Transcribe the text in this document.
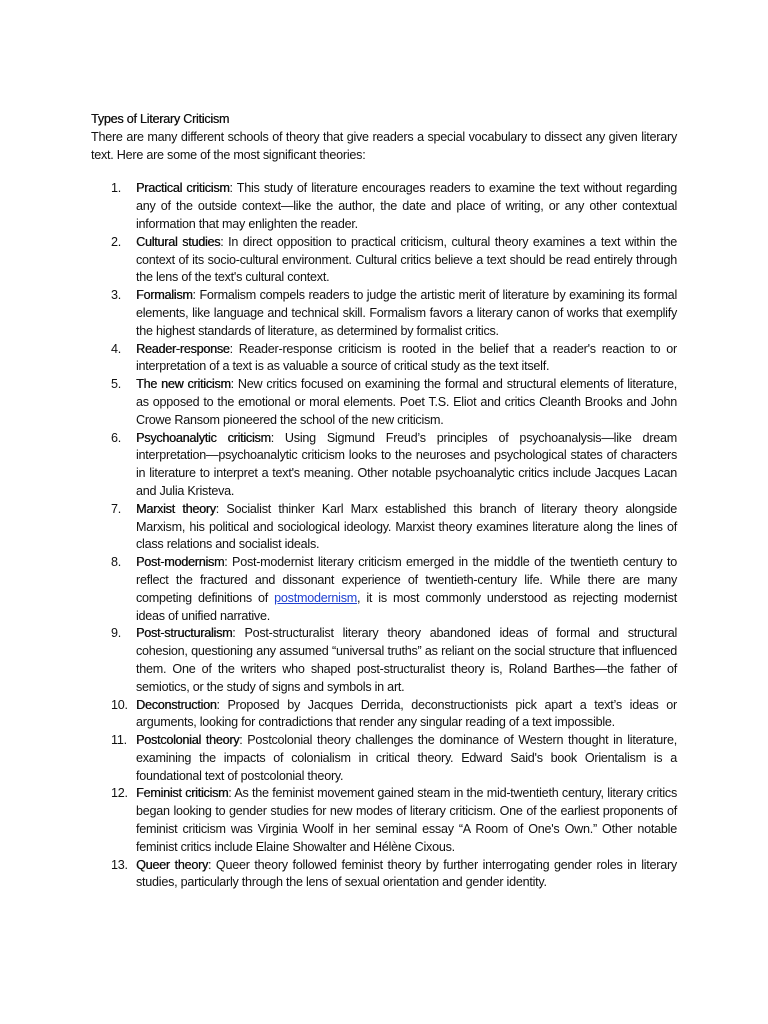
Types of Literary Criticism

There are many different schools of theory that give readers a special vocabulary to dissect any given literary text. Here are some of the most significant theories:

1.	Practical criticism: This study of literature encourages readers to examine the text without regarding any of the outside context—like the author, the date and place of writing, or any other contextual information that may enlighten the reader.
2.	Cultural studies: In direct opposition to practical criticism, cultural theory examines a text within the context of its socio-cultural environment. Cultural critics believe a text should be read entirely through the lens of the text's cultural context.
3.	Formalism: Formalism compels readers to judge the artistic merit of literature by examining its formal elements, like language and technical skill. Formalism favors a literary canon of works that exemplify the highest standards of literature, as determined by formalist critics.
4.	Reader-response: Reader-response criticism is rooted in the belief that a reader's reaction to or interpretation of a text is as valuable a source of critical study as the text itself.
5.	The new criticism: New critics focused on examining the formal and structural elements of literature, as opposed to the emotional or moral elements. Poet T.S. Eliot and critics Cleanth Brooks and John Crowe Ransom pioneered the school of the new criticism.
6.	Psychoanalytic criticism: Using Sigmund Freud’s principles of psychoanalysis—like dream interpretation—psychoanalytic criticism looks to the neuroses and psychological states of characters in literature to interpret a text's meaning. Other notable psychoanalytic critics include Jacques Lacan and Julia Kristeva.
7.	Marxist theory: Socialist thinker Karl Marx established this branch of literary theory alongside Marxism, his political and sociological ideology. Marxist theory examines literature along the lines of class relations and socialist ideals.
8.	Post-modernism: Post-modernist literary criticism emerged in the middle of the twentieth century to reflect the fractured and dissonant experience of twentieth-century life. While there are many competing definitions of postmodernism, it is most commonly understood as rejecting modernist ideas of unified narrative.
9.	Post-structuralism: Post-structuralist literary theory abandoned ideas of formal and structural cohesion, questioning any assumed “universal truths” as reliant on the social structure that influenced them. One of the writers who shaped post-structuralist theory is, Roland Barthes—the father of semiotics, or the study of signs and symbols in art.
10. Deconstruction: Proposed by Jacques Derrida, deconstructionists pick apart a text’s ideas or arguments, looking for contradictions that render any singular reading of a text impossible.
11. Postcolonial theory: Postcolonial theory challenges the dominance of Western thought in literature, examining the impacts of colonialism in critical theory. Edward Said's book Orientalism is a foundational text of postcolonial theory.
12. Feminist criticism: As the feminist movement gained steam in the mid-twentieth century, literary critics began looking to gender studies for new modes of literary criticism. One of the earliest proponents of feminist criticism was Virginia Woolf in her seminal essay “A Room of One's Own.” Other notable feminist critics include Elaine Showalter and Hélène Cixous.
13. Queer theory: Queer theory followed feminist theory by further interrogating gender roles in literary studies, particularly through the lens of sexual orientation and gender identity.
